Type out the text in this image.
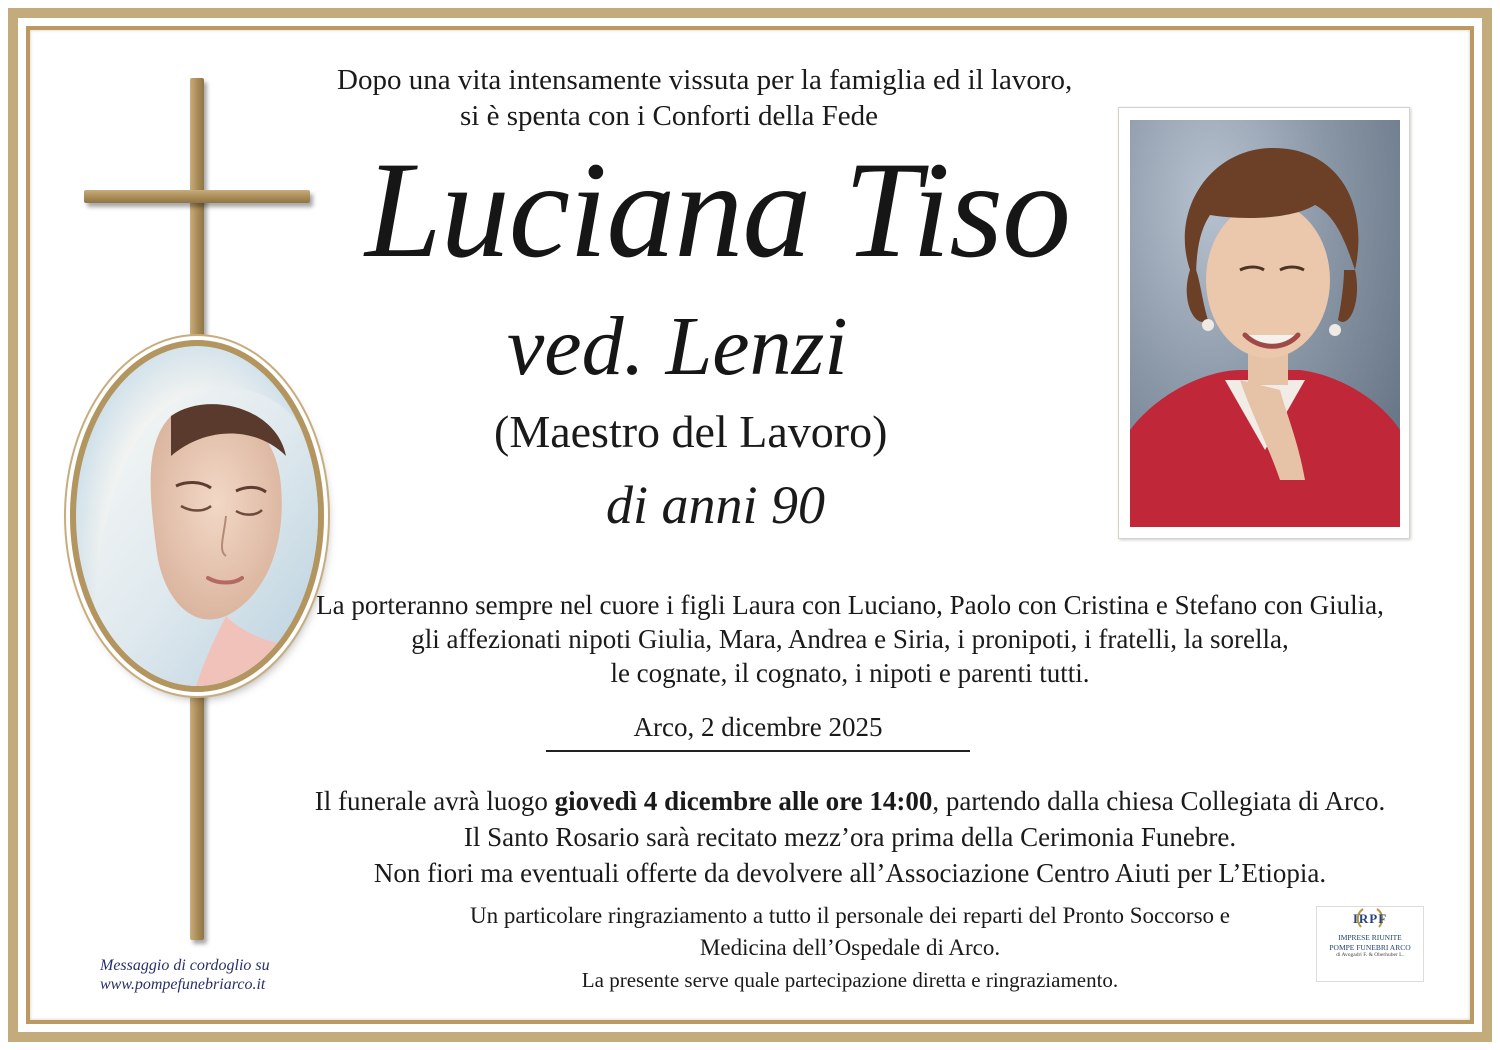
Dopo una vita intensamente vissuta per la famiglia ed il lavoro,
si è spenta con i Conforti della Fede
Luciana Tiso
ved. Lenzi
(Maestro del Lavoro)
di anni 90
La porteranno sempre nel cuore i figli Laura con Luciano, Paolo con Cristina e Stefano con Giulia,
gli affezionati nipoti Giulia, Mara, Andrea e Siria, i pronipoti, i fratelli, la sorella,
le cognate, il cognato, i nipoti e parenti tutti.
Arco, 2 dicembre 2025
Il funerale avrà luogo giovedì 4 dicembre alle ore 14:00, partendo dalla chiesa Collegiata di Arco.
Il Santo Rosario sarà recitato mezz’ora prima della Cerimonia Funebre.
Non fiori ma eventuali offerte da devolvere all’Associazione Centro Aiuti per L’Etiopia.
Un particolare ringraziamento a tutto il personale dei reparti del Pronto Soccorso e
Medicina dell’Ospedale di Arco.
La presente serve quale partecipazione diretta e ringraziamento.
Messaggio di cordoglio su
www.pompefunebriarco.it
IRPF
IMPRESE RIUNITE
POMPE FUNEBRI ARCO
di Avogadri F. & Oberhuber L.
